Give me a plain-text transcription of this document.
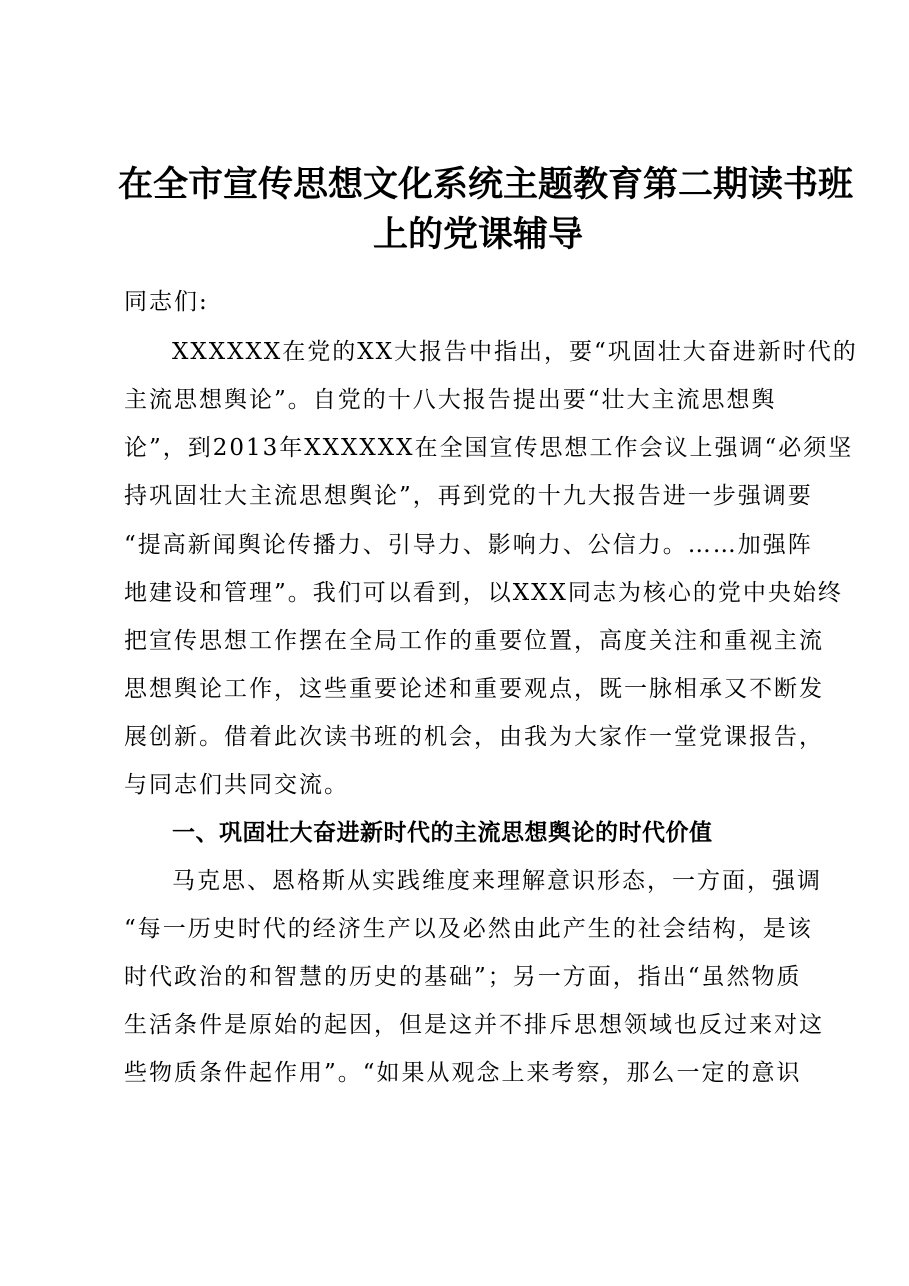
在全市宣传思想文化系统主题教育第二期读书班
上的党课辅导
同志们:
XXXXXX在党的XX大报告中指出，要“巩固壮大奋进新时代的
主流思想舆论”。自党的十八大报告提出要“壮大主流思想舆
论”，到2013年XXXXXX在全国宣传思想工作会议上强调“必须坚
持巩固壮大主流思想舆论”，再到党的十九大报告进一步强调要
“提高新闻舆论传播力、引导力、影响力、公信力。……加强阵
地建设和管理”。我们可以看到，以XXX同志为核心的党中央始终
把宣传思想工作摆在全局工作的重要位置，高度关注和重视主流
思想舆论工作，这些重要论述和重要观点，既一脉相承又不断发
展创新。借着此次读书班的机会，由我为大家作一堂党课报告，
与同志们共同交流。
一、巩固壮大奋进新时代的主流思想舆论的时代价值
马克思、恩格斯从实践维度来理解意识形态，一方面，强调
“每一历史时代的经济生产以及必然由此产生的社会结构，是该
时代政治的和智慧的历史的基础”；另一方面，指出“虽然物质
生活条件是原始的起因，但是这并不排斥思想领域也反过来对这
些物质条件起作用”。“如果从观念上来考察，那么一定的意识
